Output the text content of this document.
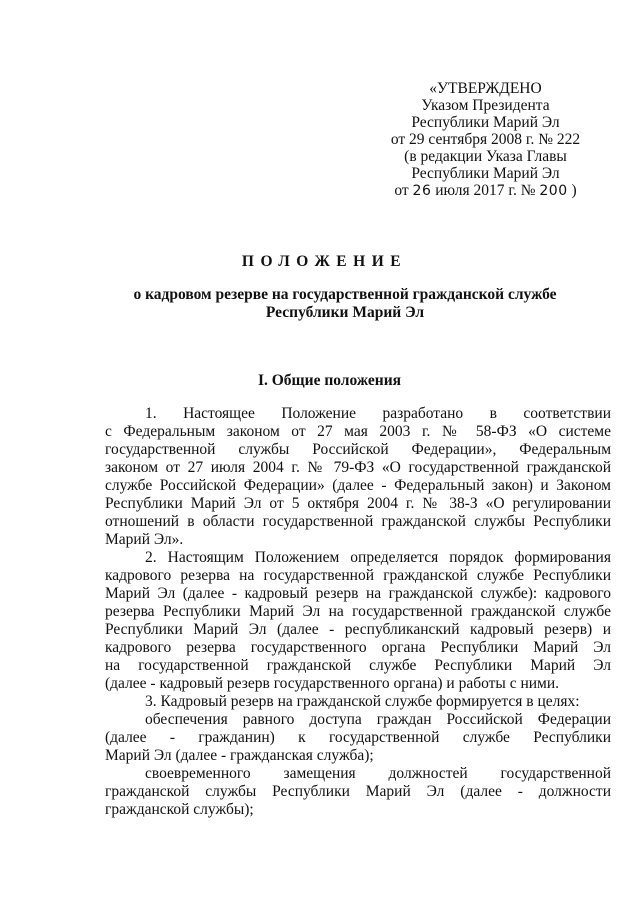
«УТВЕРЖДЕНО
Указом Президента
Республики Марий Эл
от 29 сентября 2008 г. № 222
(в редакции Указа Главы
Республики Марий Эл
от 26 июля 2017 г. № 200 )
ПОЛОЖЕНИЕ
о кадровом резерве на государственной гражданской службе
Республики Марий Эл
I. Общие положения
1. Настоящее Положение разработано в соответствии
с Федеральным законом от 27 мая 2003 г. № 58-ФЗ «О системе
государственной службы Российской Федерации», Федеральным
законом от 27 июля 2004 г. № 79-ФЗ «О государственной гражданской
службе Российской Федерации» (далее - Федеральный закон) и Законом
Республики Марий Эл от 5 октября 2004 г. № 38-З «О регулировании
отношений в области государственной гражданской службы Республики
Марий Эл».
2. Настоящим Положением определяется порядок формирования
кадрового резерва на государственной гражданской службе Республики
Марий Эл (далее - кадровый резерв на гражданской службе): кадрового
резерва Республики Марий Эл на государственной гражданской службе
Республики Марий Эл (далее - республиканский кадровый резерв) и
кадрового резерва государственного органа Республики Марий Эл
на государственной гражданской службе Республики Марий Эл
(далее - кадровый резерв государственного органа) и работы с ними.
3. Кадровый резерв на гражданской службе формируется в целях:
обеспечения равного доступа граждан Российской Федерации
(далее - гражданин) к государственной службе Республики
Марий Эл (далее - гражданская служба);
своевременного замещения должностей государственной
гражданской службы Республики Марий Эл (далее - должности
гражданской службы);
